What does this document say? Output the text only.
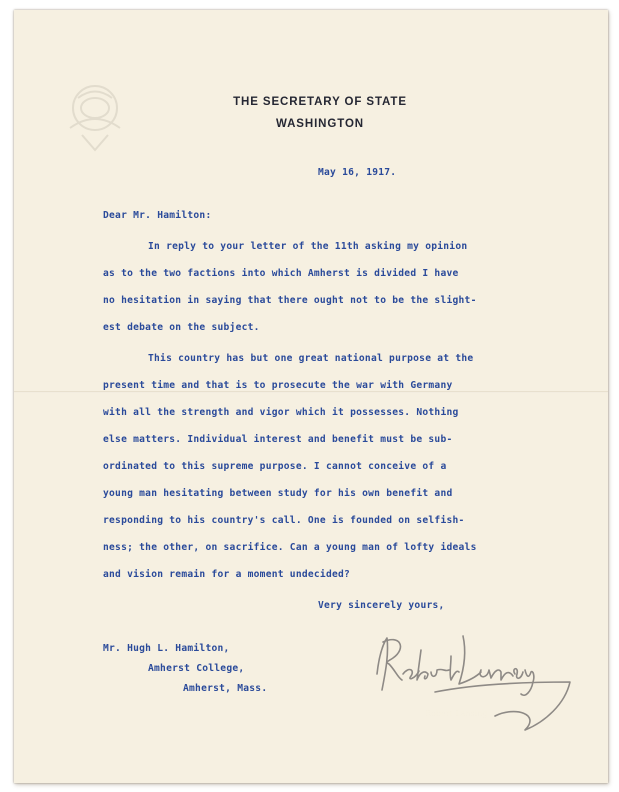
THE SECRETARY OF STATE
WASHINGTON
May 16, 1917.
Dear Mr. Hamilton:
In reply to your letter of the 11th asking my opinion
as to the two factions into which Amherst is divided I have
no hesitation in saying that there ought not to be the slight-
est debate on the subject.
This country has but one great national purpose at the
present time and that is to prosecute the war with Germany
with all the strength and vigor which it possesses. Nothing
else matters. Individual interest and benefit must be sub-
ordinated to this supreme purpose. I cannot conceive of a
young man hesitating between study for his own benefit and
responding to his country's call. One is founded on selfish-
ness; the other, on sacrifice. Can a young man of lofty ideals
and vision remain for a moment undecided?
Very sincerely yours,
Robert Lansing
Mr. Hugh L. Hamilton,
Amherst College,
Amherst, Mass.
